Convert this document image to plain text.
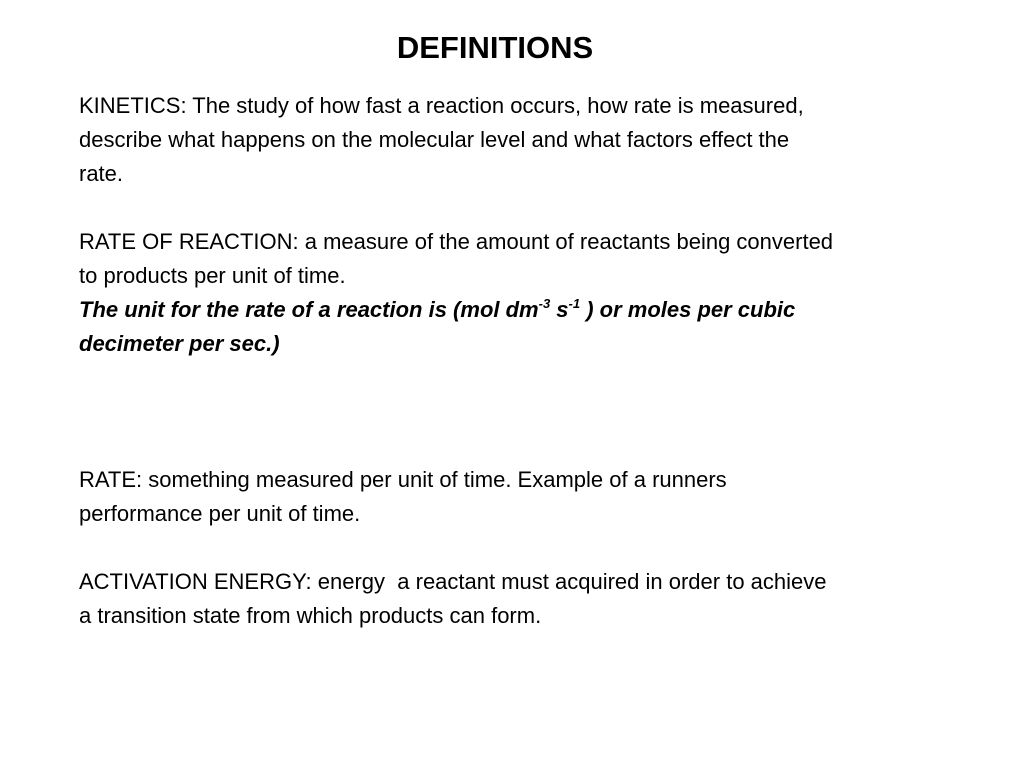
DEFINITIONS
KINETICS: The study of how fast a reaction occurs, how rate is measured,
describe what happens on the molecular level and what factors effect the
rate.
RATE OF REACTION: a measure of the amount of reactants being converted
to products per unit of time.
The unit for the rate of a reaction is (mol $dm^{-3}$ $s^{-1}$ ) or moles per cubic
decimeter per sec.)
RATE: something measured per unit of time. Example of a runners
performance per unit of time.
ACTIVATION ENERGY: energy  a reactant must acquired in order to achieve
a transition state from which products can form.
